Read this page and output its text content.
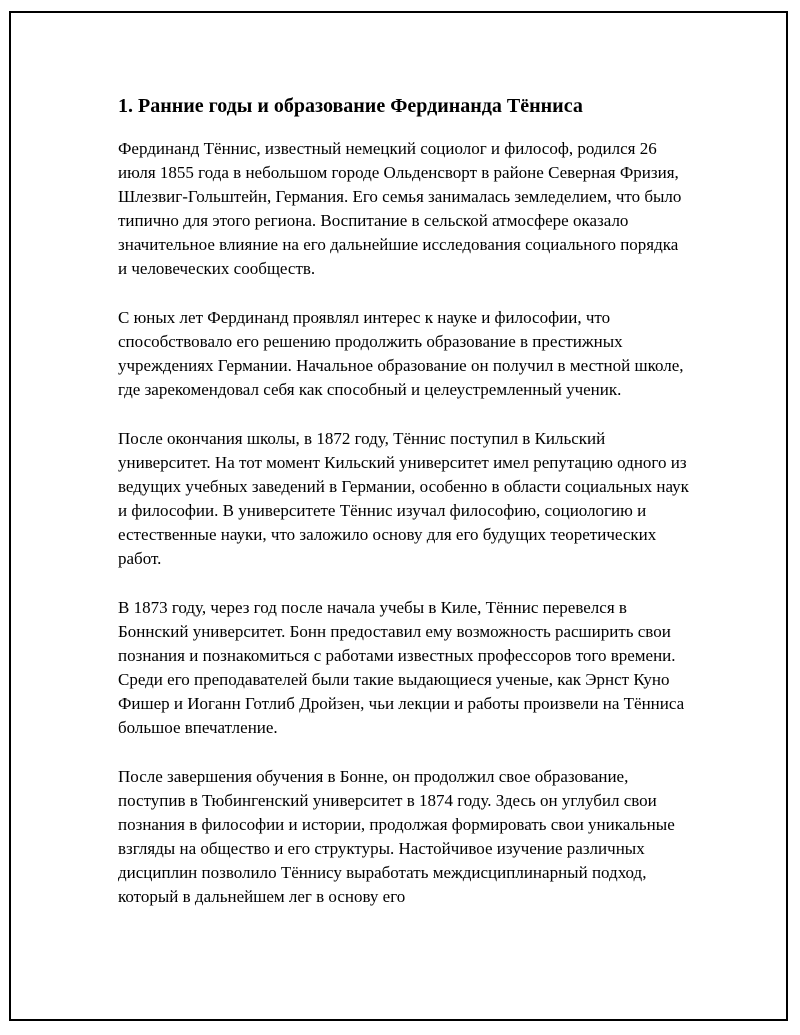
1. Ранние годы и образование Фердинанда Тённиса

Фердинанд Тённис, известный немецкий социолог и философ, родился 26 июля 1855 года в небольшом городе Ольденсворт в районе Северная Фризия, Шлезвиг-Гольштейн, Германия. Его семья занималась земледелием, что было типично для этого региона. Воспитание в сельской атмосфере оказало значительное влияние на его дальнейшие исследования социального порядка и человеческих сообществ.

С юных лет Фердинанд проявлял интерес к науке и философии, что способствовало его решению продолжить образование в престижных учреждениях Германии. Начальное образование он получил в местной школе, где зарекомендовал себя как способный и целеустремленный ученик.

После окончания школы, в 1872 году, Тённис поступил в Кильский университет. На тот момент Кильский университет имел репутацию одного из ведущих учебных заведений в Германии, особенно в области социальных наук и философии. В университете Тённис изучал философию, социологию и естественные науки, что заложило основу для его будущих теоретических работ.

В 1873 году, через год после начала учебы в Киле, Тённис перевелся в Боннский университет. Бонн предоставил ему возможность расширить свои познания и познакомиться с работами известных профессоров того времени. Среди его преподавателей были такие выдающиеся ученые, как Эрнст Куно Фишер и Иоганн Готлиб Дройзен, чьи лекции и работы произвели на Тённиса большое впечатление.

После завершения обучения в Бонне, он продолжил свое образование, поступив в Тюбингенский университет в 1874 году. Здесь он углубил свои познания в философии и истории, продолжая формировать свои уникальные взгляды на общество и его структуры. Настойчивое изучение различных дисциплин позволило Тённису выработать междисциплинарный подход, который в дальнейшем лег в основу его
